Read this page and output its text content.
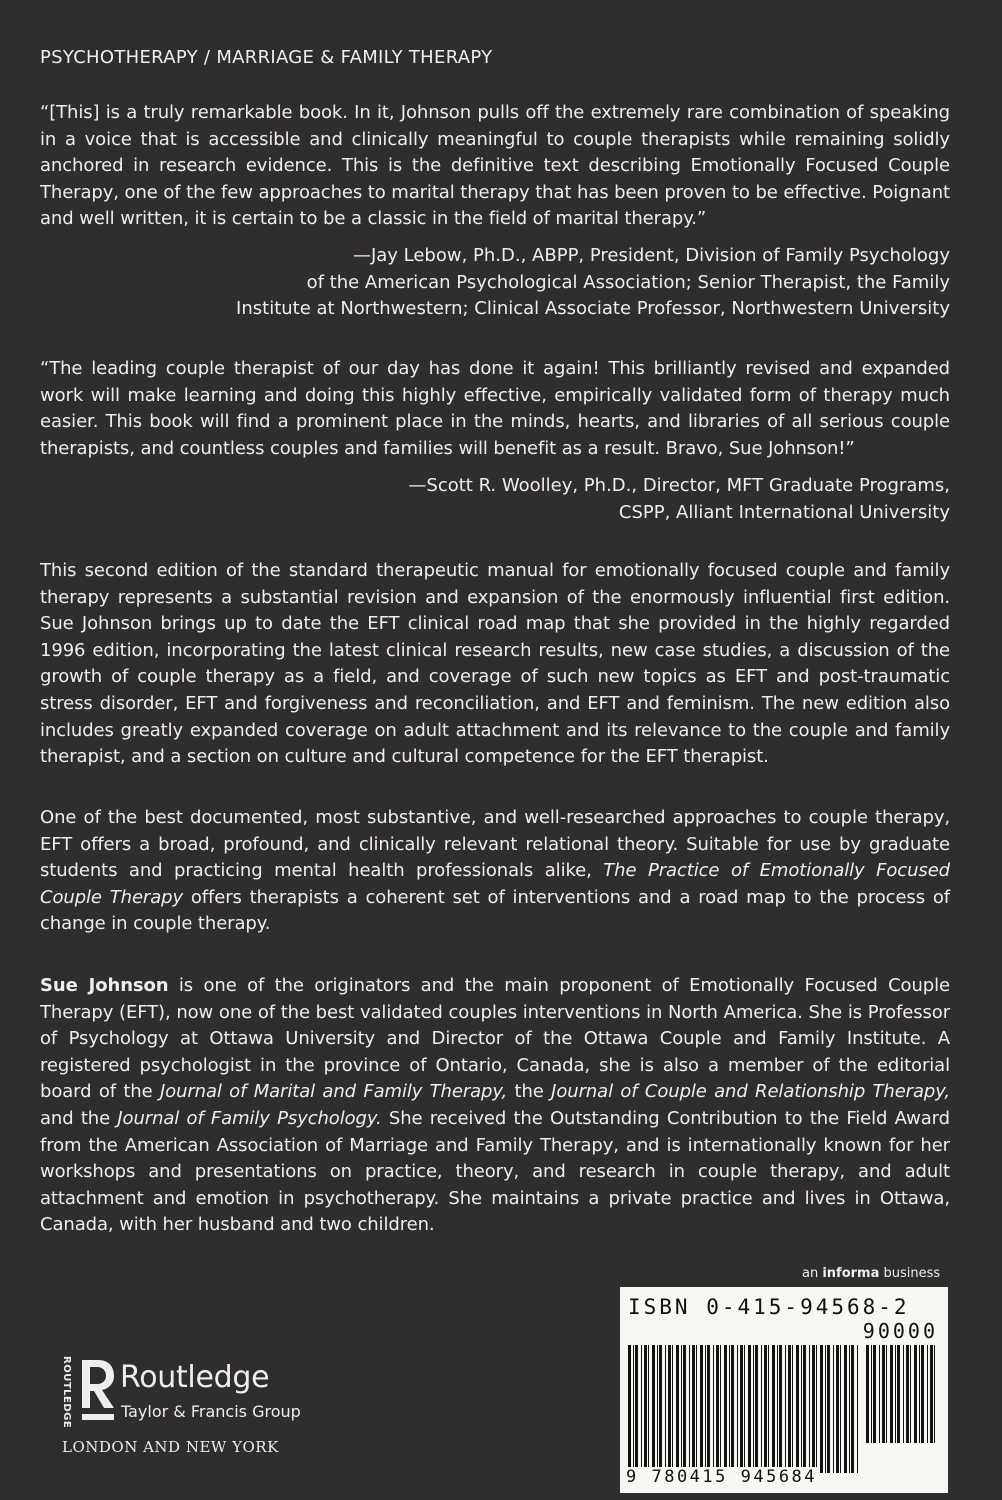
PSYCHOTHERAPY / MARRIAGE & FAMILY THERAPY
“[This] is a truly remarkable book. In it, Johnson pulls off the extremely rare combination of speaking in a voice that is accessible and clinically meaningful to couple therapists while remaining solidly anchored in research evidence. This is the definitive text describing Emotionally Focused Couple Therapy, one of the few approaches to marital therapy that has been proven to be effective. Poignant and well written, it is certain to be a classic in the field of marital therapy.”
—Jay Lebow, Ph.D., ABPP, President, Division of Family Psychology
of the American Psychological Association; Senior Therapist, the Family
Institute at Northwestern; Clinical Associate Professor, Northwestern University
“The leading couple therapist of our day has done it again! This brilliantly revised and expanded work will make learning and doing this highly effective, empirically validated form of therapy much easier. This book will find a prominent place in the minds, hearts, and libraries of all serious couple therapists, and countless couples and families will benefit as a result. Bravo, Sue Johnson!”
—Scott R. Woolley, Ph.D., Director, MFT Graduate Programs,
CSPP, Alliant International University
This second edition of the standard therapeutic manual for emotionally focused couple and family therapy represents a substantial revision and expansion of the enormously influential first edition. Sue Johnson brings up to date the EFT clinical road map that she provided in the highly regarded 1996 edition, incorporating the latest clinical research results, new case studies, a discussion of the growth of couple therapy as a field, and coverage of such new topics as EFT and post-traumatic stress disorder, EFT and forgiveness and reconciliation, and EFT and feminism. The new edition also includes greatly expanded coverage on adult attachment and its relevance to the couple and family therapist, and a section on culture and cultural competence for the EFT therapist.
One of the best documented, most substantive, and well-researched approaches to couple therapy, EFT offers a broad, profound, and clinically relevant relational theory. Suitable for use by graduate students and practicing mental health professionals alike, The Practice of Emotionally Focused Couple Therapy offers therapists a coherent set of interventions and a road map to the process of change in couple therapy.
Sue Johnson is one of the originators and the main proponent of Emotionally Focused Couple Therapy (EFT), now one of the best validated couples interventions in North America. She is Professor of Psychology at Ottawa University and Director of the Ottawa Couple and Family Institute. A registered psychologist in the province of Ontario, Canada, she is also a member of the editorial board of the Journal of Marital and Family Therapy, the Journal of Couple and Relationship Therapy, and the Journal of Family Psychology. She received the Outstanding Contribution to the Field Award from the American Association of Marriage and Family Therapy, and is internationally known for her workshops and presentations on practice, theory, and research in couple therapy, and adult attachment and emotion in psychotherapy. She maintains a private practice and lives in Ottawa, Canada, with her husband and two children.
an informa business
ISBN 0-415-94568-2
90000
9 780415 945684
ROUTLEDGE Routledge
Taylor & Francis Group
LONDON AND NEW YORK
